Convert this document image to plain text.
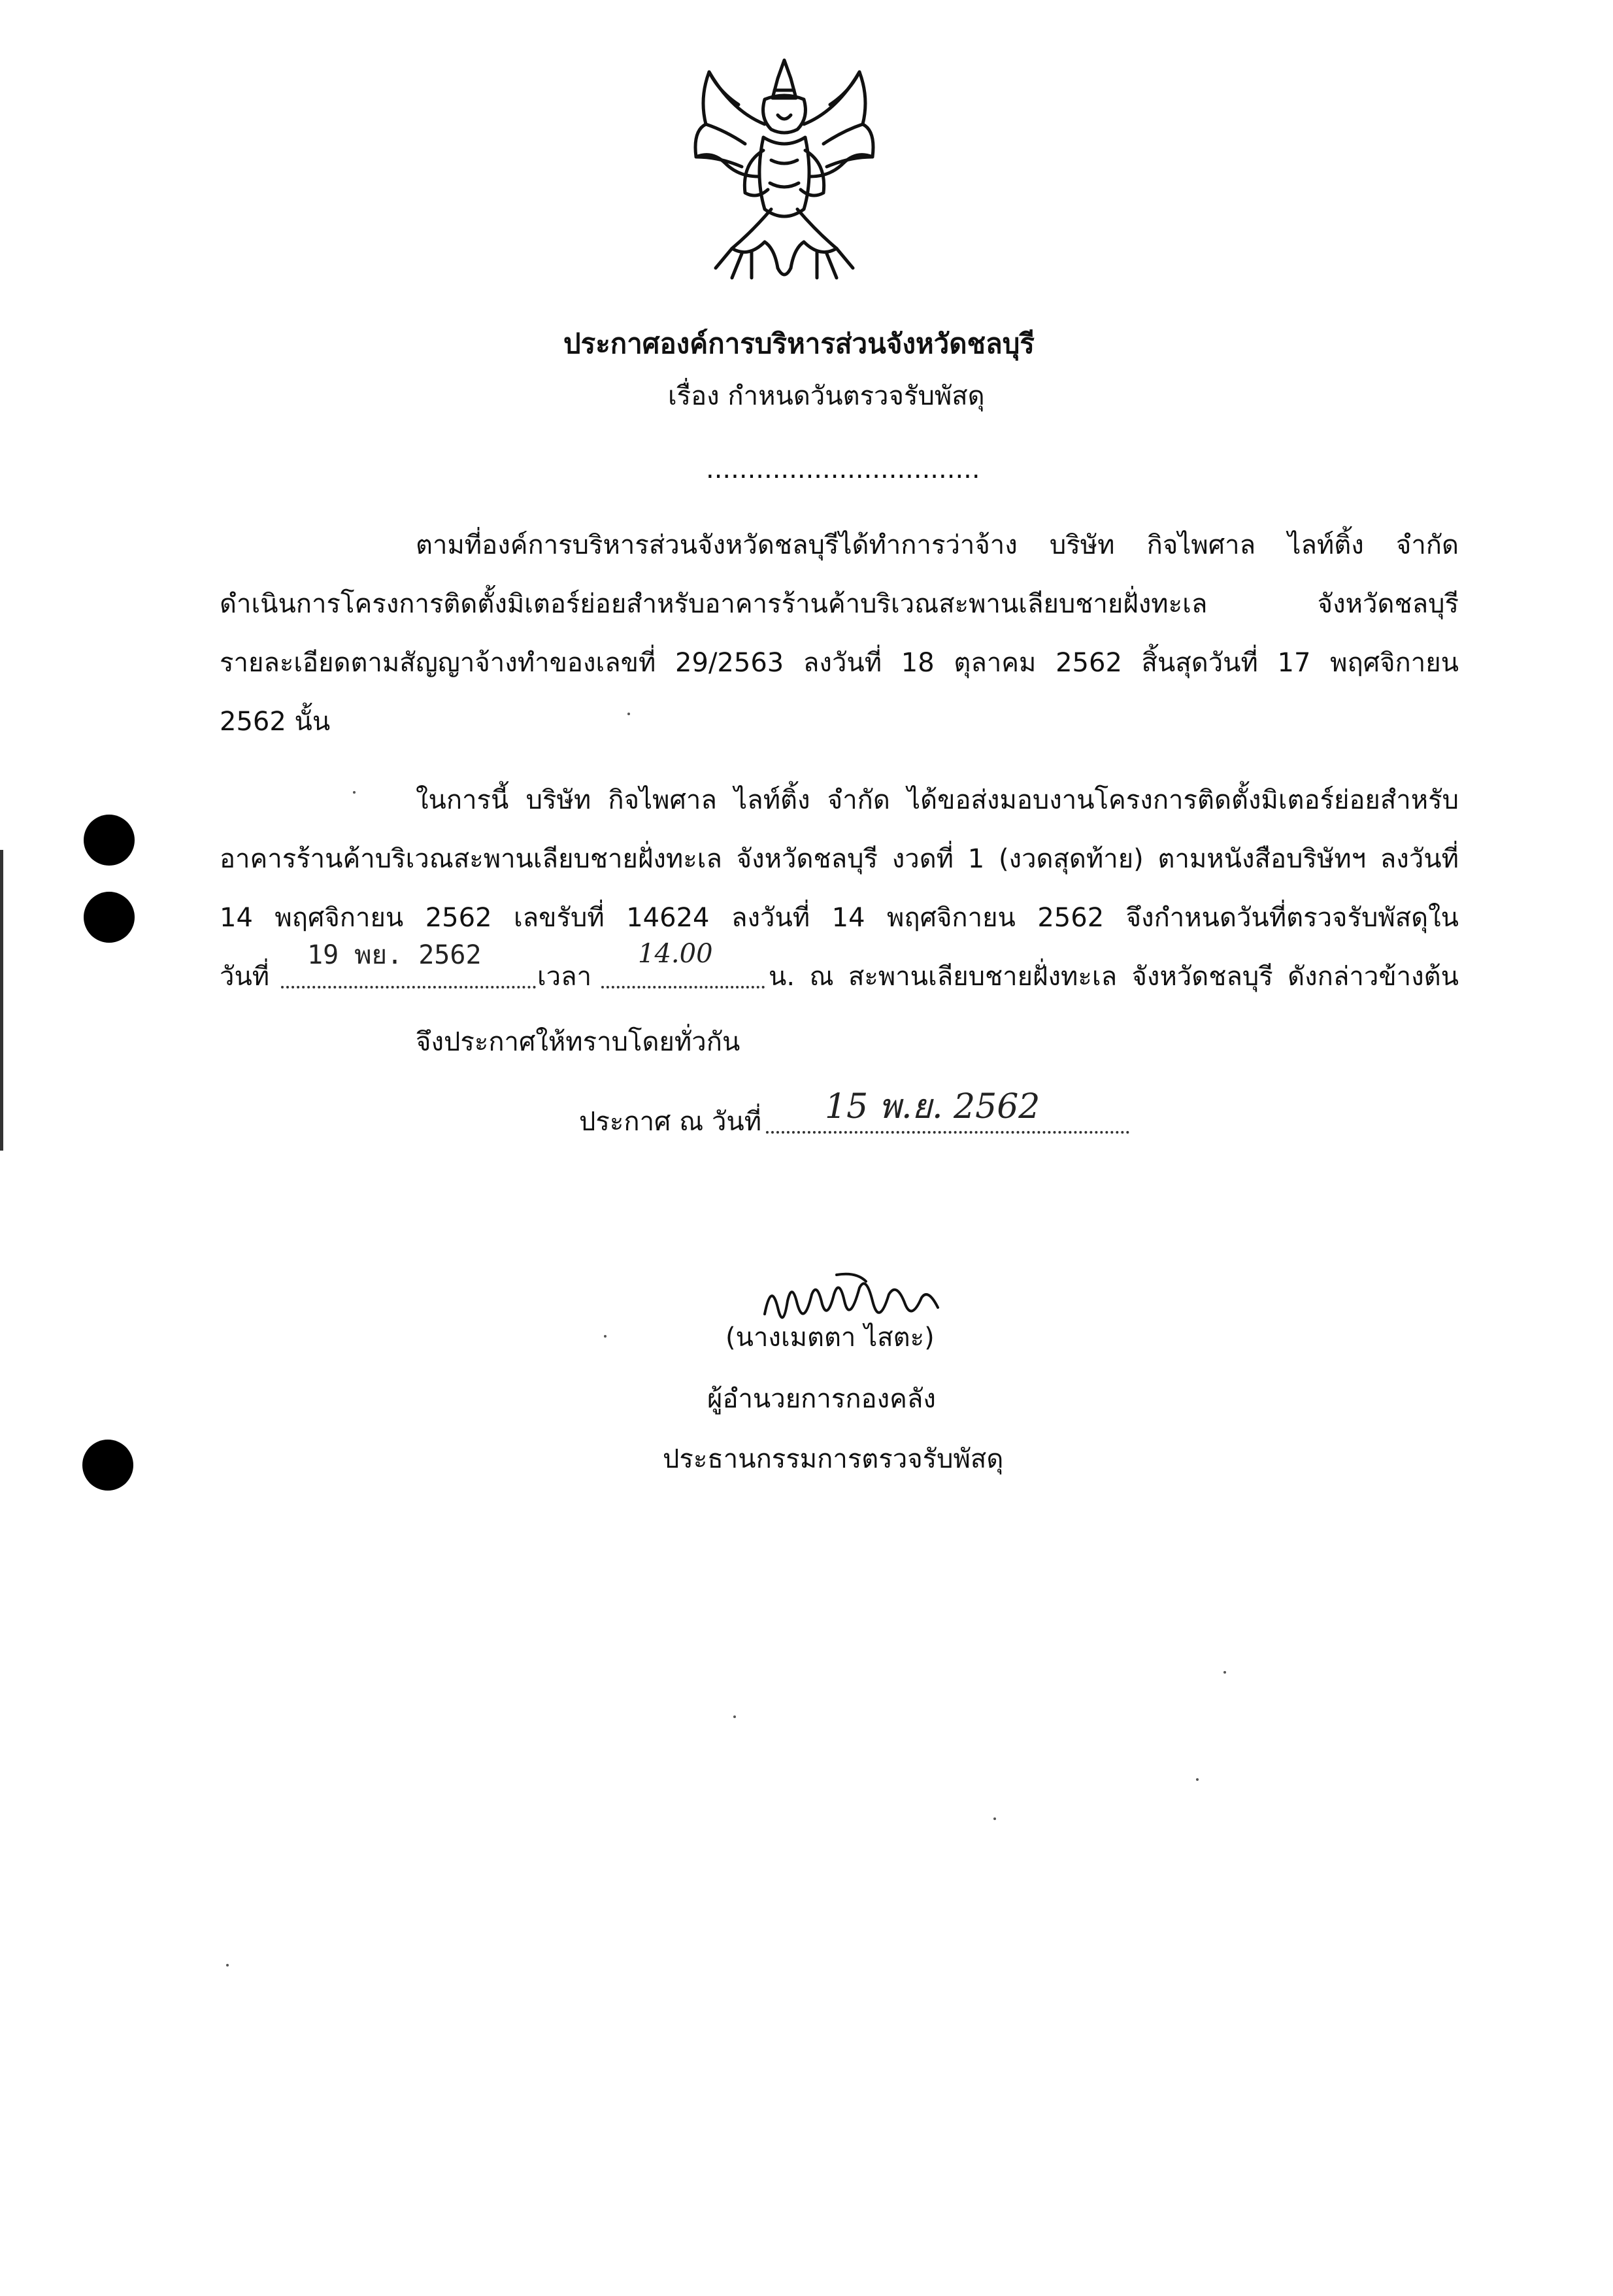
ประกาศองค์การบริหารส่วนจังหวัดชลบุรี
เรื่อง กำหนดวันตรวจรับพัสดุ
.................................
ตามที่องค์การบริหารส่วนจังหวัดชลบุรีได้ทำการว่าจ้าง บริษัท กิจไพศาล ไลท์ติ้ง จำกัด
ดำเนินการโครงการติดตั้งมิเตอร์ย่อยสำหรับอาคารร้านค้าบริเวณสะพานเลียบชายฝั่งทะเล จังหวัดชลบุรี
รายละเอียดตามสัญญาจ้างทำของเลขที่ 29/2563 ลงวันที่ 18 ตุลาคม 2562 สิ้นสุดวันที่ 17 พฤศจิกายน
2562 นั้น
ในการนี้ บริษัท กิจไพศาล ไลท์ติ้ง จำกัด ได้ขอส่งมอบงานโครงการติดตั้งมิเตอร์ย่อยสำหรับ
อาคารร้านค้าบริเวณสะพานเลียบชายฝั่งทะเล จังหวัดชลบุรี งวดที่ 1 (งวดสุดท้าย) ตามหนังสือบริษัทฯ ลงวันที่
14 พฤศจิกายน 2562 เลขรับที่ 14624 ลงวันที่ 14 พฤศจิกายน 2562 จึงกำหนดวันที่ตรวจรับพัสดุใน
วันที่
19 พย. 2562
เวลา
14.00
น. ณ สะพานเลียบชายฝั่งทะเล จังหวัดชลบุรี ดังกล่าวข้างต้น
จึงประกาศให้ทราบโดยทั่วกัน
ประกาศ ณ วันที่ 15 พ.ย. 2562
(นางเมตตา ไสตะ)
ผู้อำนวยการกองคลัง
ประธานกรรมการตรวจรับพัสดุ
